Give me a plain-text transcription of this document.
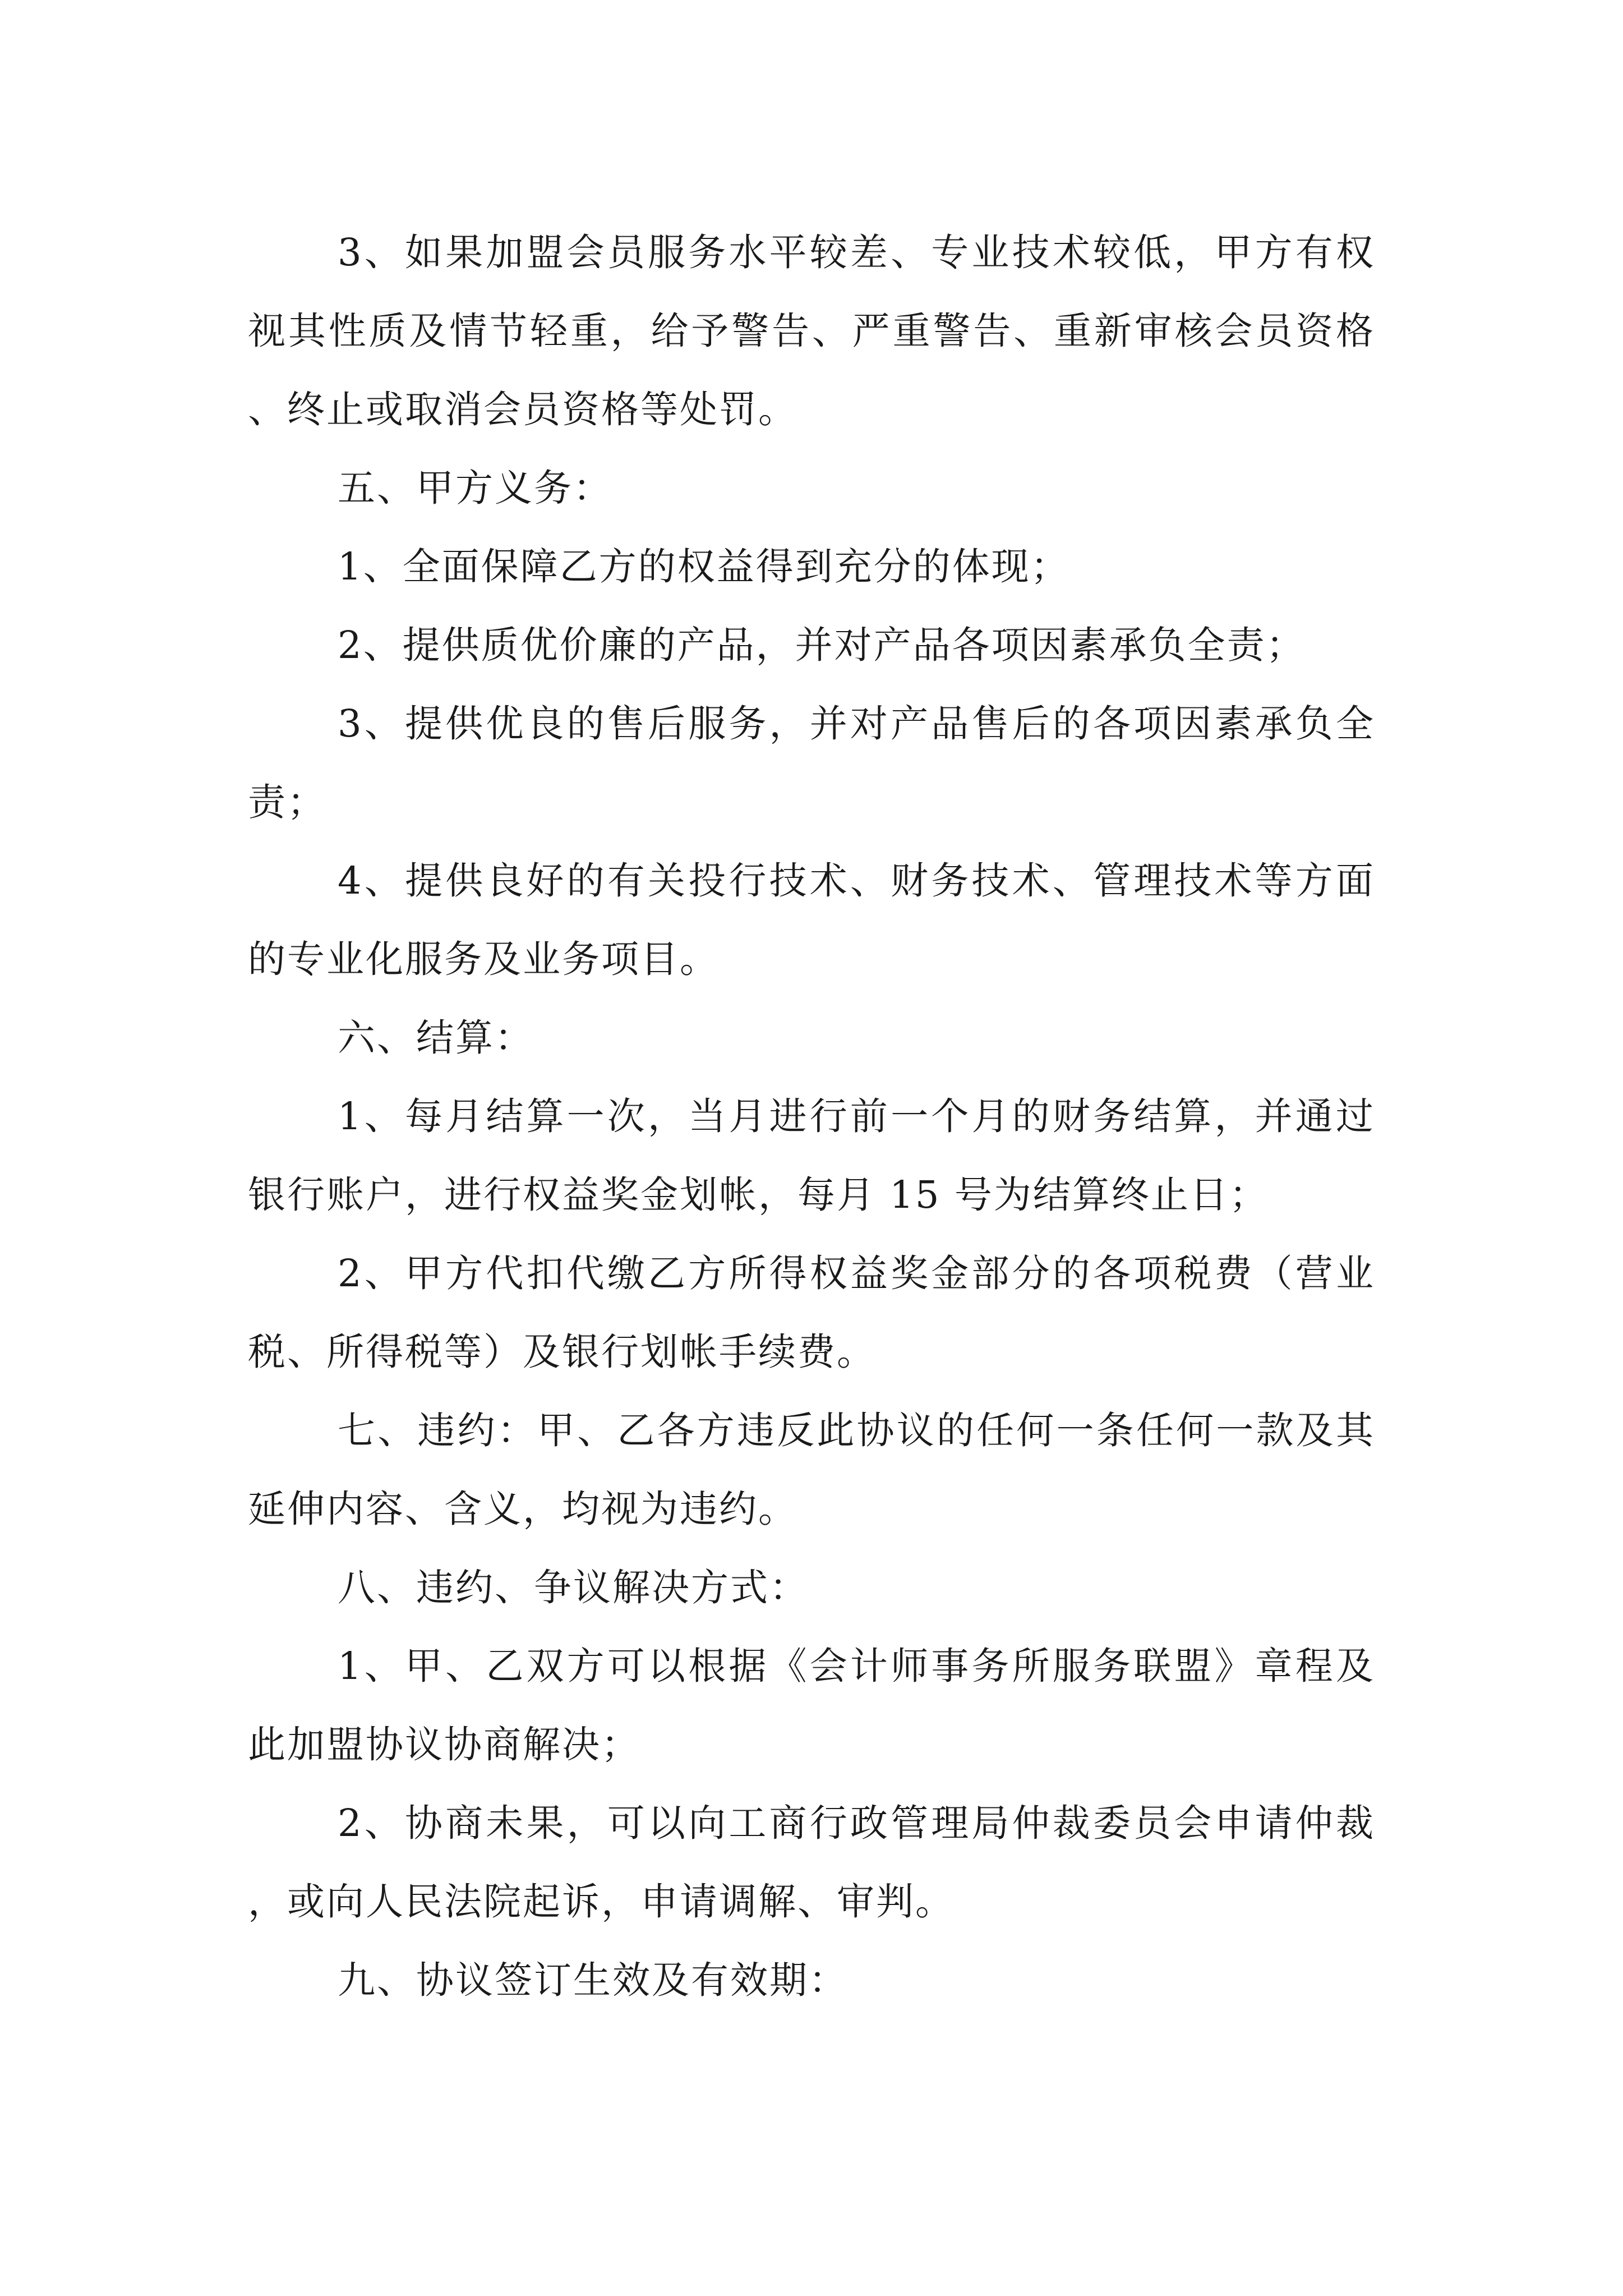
3、如果加盟会员服务水平较差、专业技术较低，甲方有权视其性质及情节轻重，给予警告、严重警告、重新审核会员资格、终止或取消会员资格等处罚。

五、甲方义务：

1、全面保障乙方的权益得到充分的体现；

2、提供质优价廉的产品，并对产品各项因素承负全责；

3、提供优良的售后服务，并对产品售后的各项因素承负全责；

4、提供良好的有关投行技术、财务技术、管理技术等方面的专业化服务及业务项目。

六、结算：

1、每月结算一次，当月进行前一个月的财务结算，并通过银行账户，进行权益奖金划帐，每月 15 号为结算终止日；

2、甲方代扣代缴乙方所得权益奖金部分的各项税费（营业税、所得税等）及银行划帐手续费。

七、违约：甲、乙各方违反此协议的任何一条任何一款及其延伸内容、含义，均视为违约。

八、违约、争议解决方式：

1、甲、乙双方可以根据《会计师事务所服务联盟》章程及此加盟协议协商解决；

2、协商未果，可以向工商行政管理局仲裁委员会申请仲裁，或向人民法院起诉，申请调解、审判。

九、协议签订生效及有效期：
